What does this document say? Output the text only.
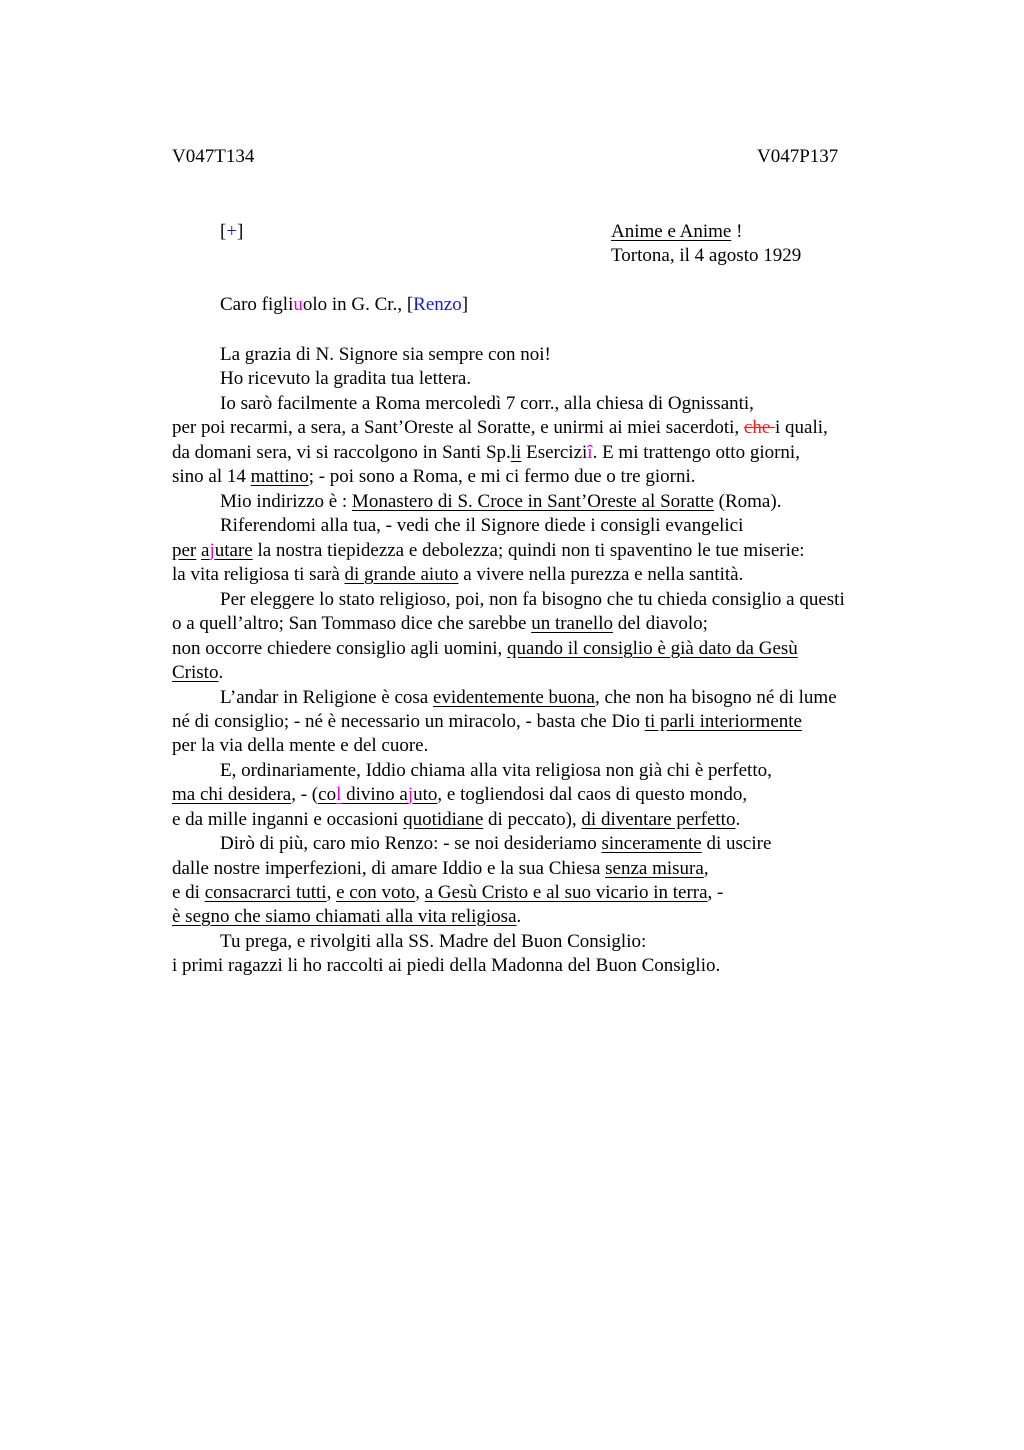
V047T134	V047P137
[+]	Anime e Anime !
Tortona, il 4 agosto 1929
Caro figliuolo in G. Cr., [Renzo]
La grazia di N. Signore sia sempre con noi!
Ho ricevuto la gradita tua lettera.
Io sarò facilmente a Roma mercoledì 7 corr., alla chiesa di Ognissanti,
per poi recarmi, a sera, a Sant’Oreste al Soratte, e unirmi ai miei sacerdoti, che i quali,
da domani sera, vi si raccolgono in Santi Sp.li Eserciziî. E mi trattengo otto giorni,
sino al 14 mattino; - poi sono a Roma, e mi ci fermo due o tre giorni.
Mio indirizzo è : Monastero di S. Croce in Sant’Oreste al Soratte (Roma).
Riferendomi alla tua, - vedi che il Signore diede i consigli evangelici
per ajutare la nostra tiepidezza e debolezza; quindi non ti spaventino le tue miserie:
la vita religiosa ti sarà di grande aiuto a vivere nella purezza e nella santità.
Per eleggere lo stato religioso, poi, non fa bisogno che tu chieda consiglio a questi
o a quell’altro; San Tommaso dice che sarebbe un tranello del diavolo;
non occorre chiedere consiglio agli uomini, quando il consiglio è già dato da Gesù
Cristo.
L’andar in Religione è cosa evidentemente buona, che non ha bisogno né di lume
né di consiglio; - né è necessario un miracolo, - basta che Dio ti parli interiormente
per la via della mente e del cuore.
E, ordinariamente, Iddio chiama alla vita religiosa non già chi è perfetto,
ma chi desidera, - (col divino ajuto, e togliendosi dal caos di questo mondo,
e da mille inganni e occasioni quotidiane di peccato), di diventare perfetto.
Dirò di più, caro mio Renzo: - se noi desideriamo sinceramente di uscire
dalle nostre imperfezioni, di amare Iddio e la sua Chiesa senza misura,
e di consacrarci tutti, e con voto, a Gesù Cristo e al suo vicario in terra, -
è segno che siamo chiamati alla vita religiosa.
Tu prega, e rivolgiti alla SS. Madre del Buon Consiglio:
i primi ragazzi li ho raccolti ai piedi della Madonna del Buon Consiglio.
